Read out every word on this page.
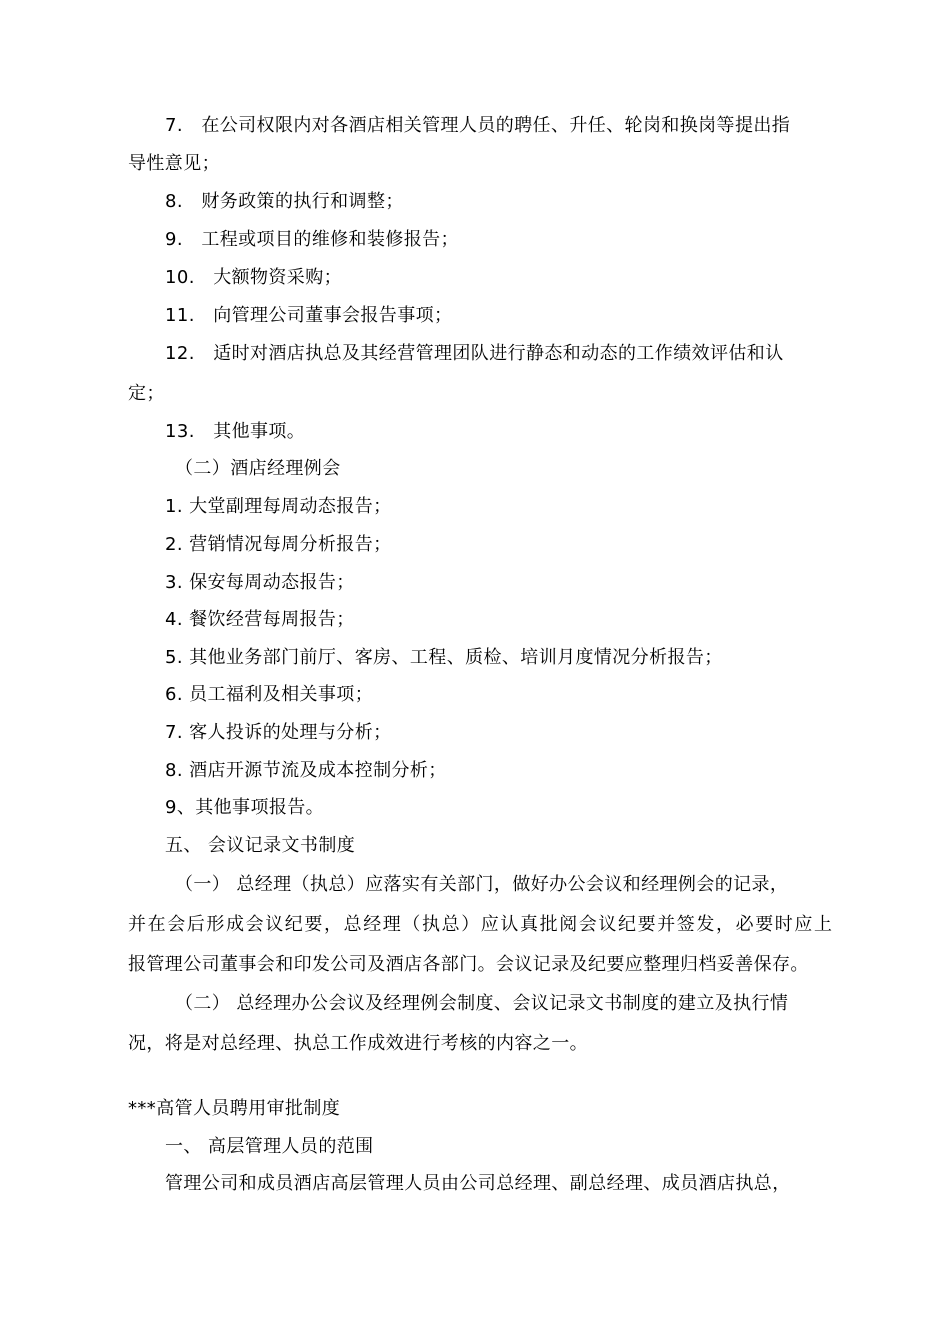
7. 在公司权限内对各酒店相关管理人员的聘任、升任、轮岗和换岗等提出指
导性意见；
8. 财务政策的执行和调整；
9. 工程或项目的维修和装修报告；
10. 大额物资采购；
11. 向管理公司董事会报告事项；
12. 适时对酒店执总及其经营管理团队进行静态和动态的工作绩效评估和认
定；
13. 其他事项。
（二）酒店经理例会
1. 大堂副理每周动态报告；
2. 营销情况每周分析报告；
3. 保安每周动态报告；
4. 餐饮经营每周报告；
5. 其他业务部门前厅、客房、工程、质检、培训月度情况分析报告；
6. 员工福利及相关事项；
7. 客人投诉的处理与分析；
8. 酒店开源节流及成本控制分析；
9、其他事项报告。
五、 会议记录文书制度
（一） 总经理（执总）应落实有关部门，做好办公会议和经理例会的记录，
并在会后形成会议纪要，总经理（执总）应认真批阅会议纪要并签发，必要时应上
报管理公司董事会和印发公司及酒店各部门。会议记录及纪要应整理归档妥善保存。
（二） 总经理办公会议及经理例会制度、会议记录文书制度的建立及执行情
况，将是对总经理、执总工作成效进行考核的内容之一。
***高管人员聘用审批制度
一、 高层管理人员的范围
管理公司和成员酒店高层管理人员由公司总经理、副总经理、成员酒店执总，
